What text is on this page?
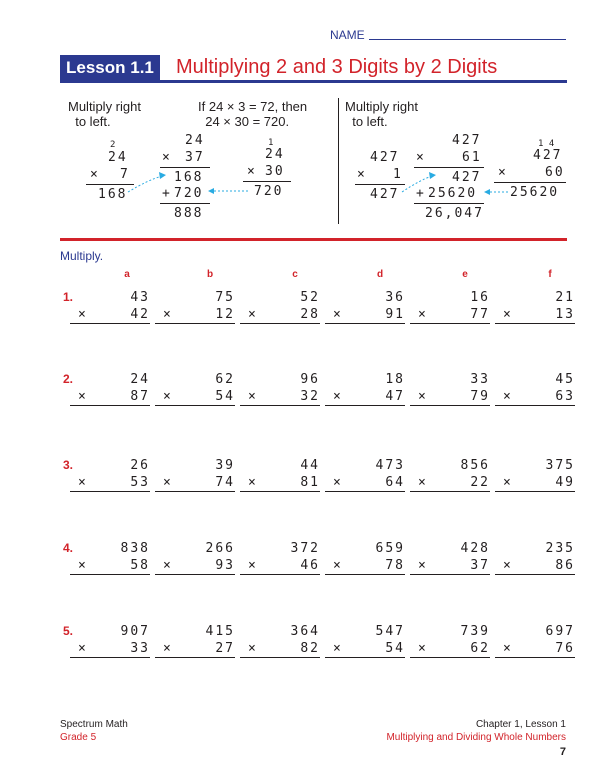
NAME
Lesson 1.1	Multiplying 2 and 3 Digits by 2 Digits
Multiply right
to left.
2
24
× 7
168
If 24 × 3 = 72, then
24 × 30 = 720.
24
× 37
168
+ 720
888
1
24
× 30
720
Multiply right
to left.
427
× 1
427
427
×	61
427
+ 25620
26,047
1 4
427
×	60
25620
Multiply.
a	b	c	d	e	f
1.	43
×	42
75
×	12
52
×	28
36
×	91
16
×	77
21
×	13
2.	24
×	87
62
×	54
96
×	32
18
×	47
33
×	79
45
×	63
3.	26
×	53
39
×	74
44
×	81
473
×	64
856
×	22
375
×	49
4.	838
×	58
266
×	93
372
×	46
659
×	78
428
×	37
235
×	86
5.	907
×	33
415
×	27
364
×	82
547
×	54
739
×	62
697
×	76
Spectrum Math
Grade 5
Chapter 1, Lesson 1
Multiplying and Dividing Whole Numbers
7
